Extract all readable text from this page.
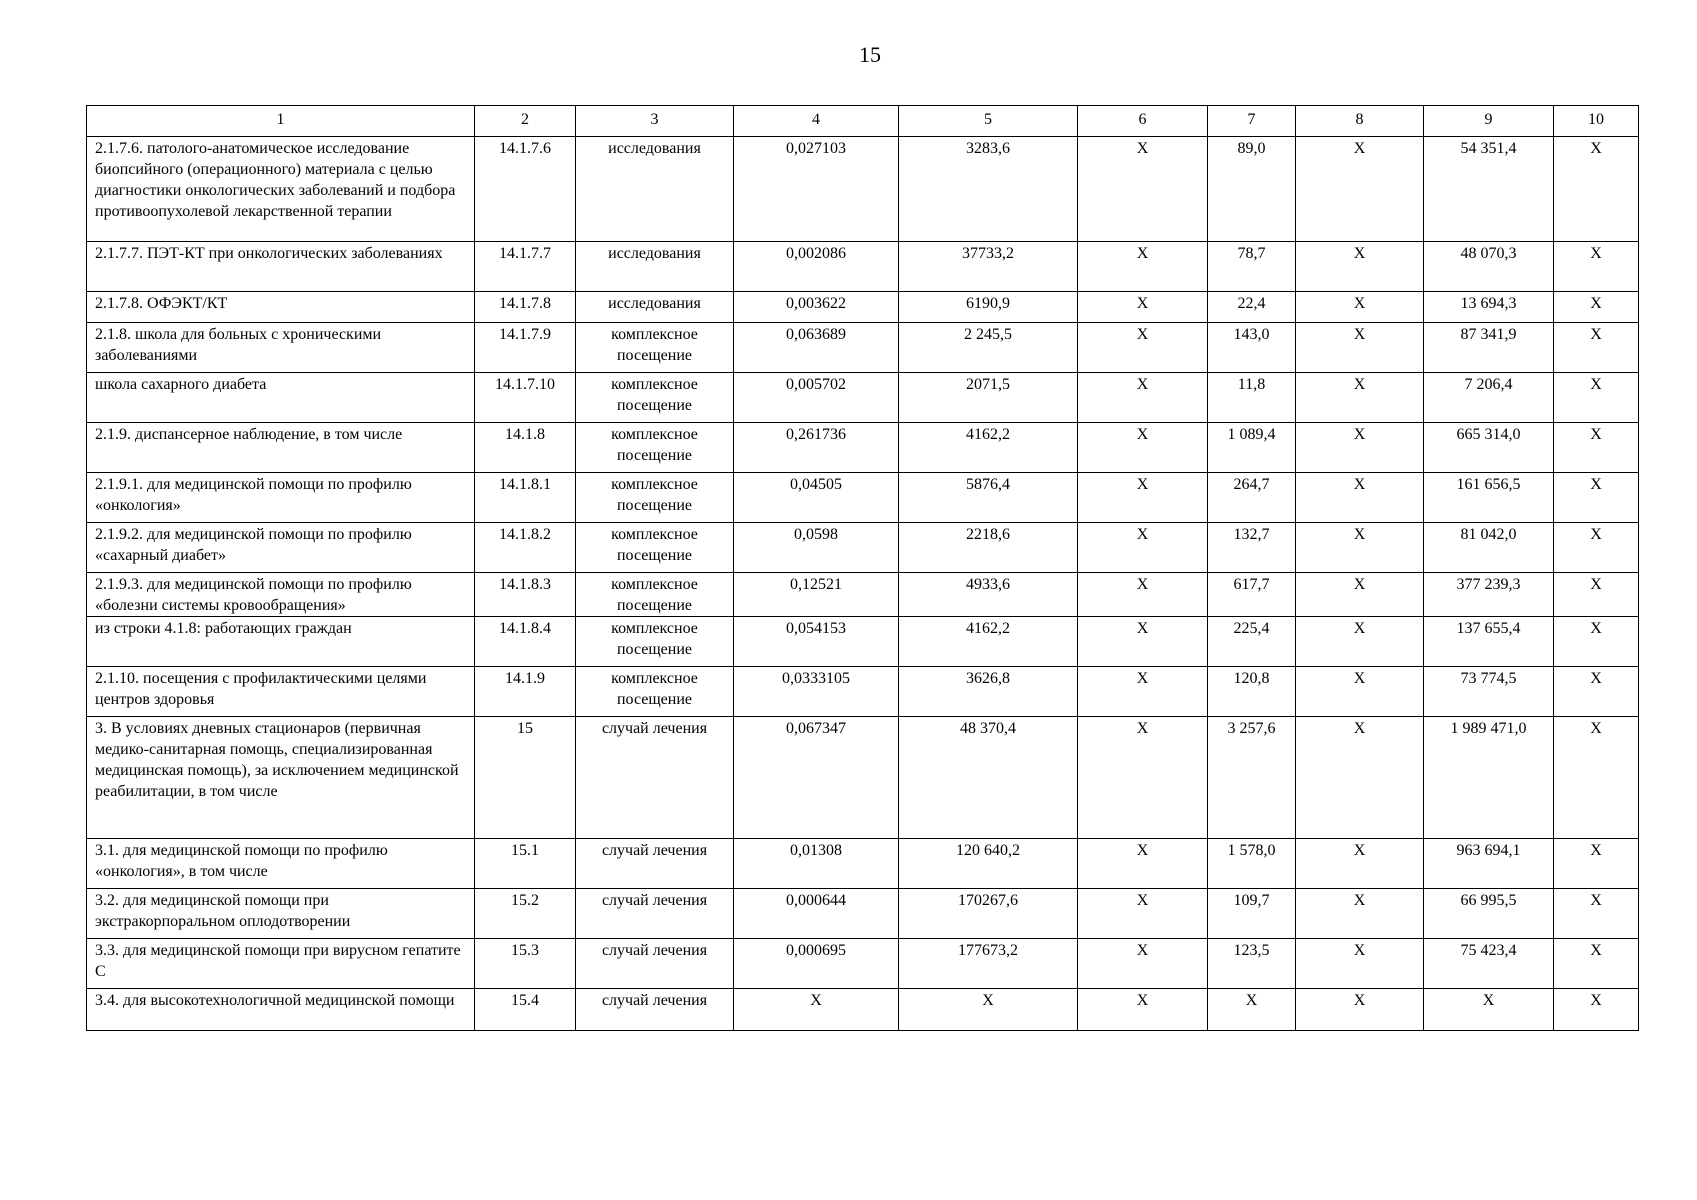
15
1	2	3	4	5	6	7	8	9	10
2.1.7.6. патолого-анатомическое исследование биопсийного (операционного) материала с целью диагностики онкологических заболеваний и подбора противоопухолевой лекарственной терапии	14.1.7.6	исследования	0,027103	3283,6	X	89,0	X	54 351,4	X
2.1.7.7. ПЭТ-КТ при онкологических заболеваниях	14.1.7.7	исследования	0,002086	37733,2	X	78,7	X	48 070,3	X
2.1.7.8. ОФЭКТ/КТ	14.1.7.8	исследования	0,003622	6190,9	X	22,4	X	13 694,3	X
2.1.8. школа для больных с хроническими заболеваниями	14.1.7.9	комплексное посещение	0,063689	2 245,5	X	143,0	X	87 341,9	X
школа сахарного диабета	14.1.7.10	комплексное посещение	0,005702	2071,5	X	11,8	X	7 206,4	X
2.1.9. диспансерное наблюдение, в том числе	14.1.8	комплексное посещение	0,261736	4162,2	X	1 089,4	X	665 314,0	X
2.1.9.1. для медицинской помощи по профилю «онкология»	14.1.8.1	комплексное посещение	0,04505	5876,4	X	264,7	X	161 656,5	X
2.1.9.2. для медицинской помощи по профилю «сахарный диабет»	14.1.8.2	комплексное посещение	0,0598	2218,6	X	132,7	X	81 042,0	X
2.1.9.3. для медицинской помощи по профилю «болезни системы кровообращения»	14.1.8.3	комплексное посещение	0,12521	4933,6	X	617,7	X	377 239,3	X
из строки 4.1.8: работающих граждан	14.1.8.4	комплексное посещение	0,054153	4162,2	X	225,4	X	137 655,4	X
2.1.10. посещения с профилактическими целями центров здоровья	14.1.9	комплексное посещение	0,0333105	3626,8	X	120,8	X	73 774,5	X
3. В условиях дневных стационаров (первичная медико-санитарная помощь, специализированная медицинская помощь), за исключением медицинской реабилитации, в том числе	15	случай лечения	0,067347	48 370,4	X	3 257,6	X	1 989 471,0	X
3.1. для медицинской помощи по профилю «онкология», в том числе	15.1	случай лечения	0,01308	120 640,2	X	1 578,0	X	963 694,1	X
3.2. для медицинской помощи при экстракорпоральном оплодотворении	15.2	случай лечения	0,000644	170267,6	X	109,7	X	66 995,5	X
3.3. для медицинской помощи при вирусном гепатите С	15.3	случай лечения	0,000695	177673,2	X	123,5	X	75 423,4	X
3.4. для высокотехнологичной медицинской помощи	15.4	случай лечения	X	X	X	X	X	X	X
